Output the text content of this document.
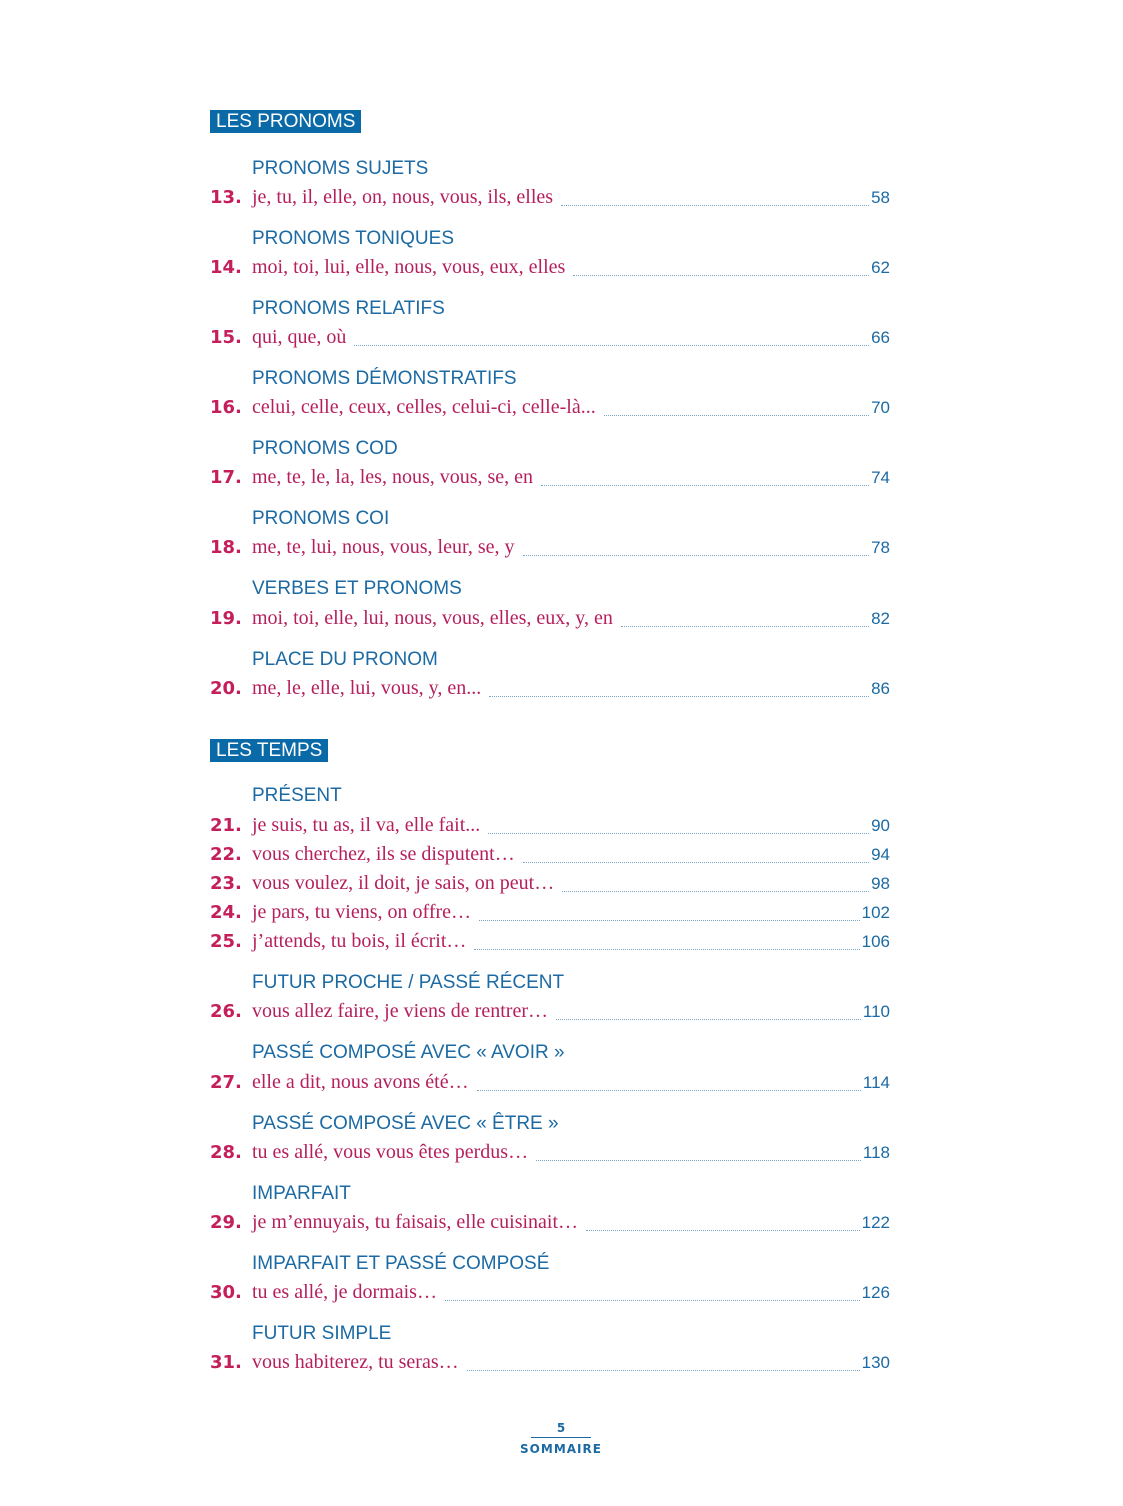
LES PRONOMS
PRONOMS SUJETS
13. je, tu, il, elle, on, nous, vous, ils, elles	58
PRONOMS TONIQUES
14. moi, toi, lui, elle, nous, vous, eux, elles	62
PRONOMS RELATIFS
15. qui, que, où	66
PRONOMS DÉMONSTRATIFS
16. celui, celle, ceux, celles, celui-ci, celle-là...	70
PRONOMS COD
17. me, te, le, la, les, nous, vous, se, en	74
PRONOMS COI
18. me, te, lui, nous, vous, leur, se, y	78
VERBES ET PRONOMS
19. moi, toi, elle, lui, nous, vous, elles, eux, y, en	82
PLACE DU PRONOM
20. me, le, elle, lui, vous, y, en...	86
LES TEMPS
PRÉSENT
21. je suis, tu as, il va, elle fait...	90
22. vous cherchez, ils se disputent…	94
23. vous voulez, il doit, je sais, on peut…	98
24. je pars, tu viens, on offre…	102
25. j’attends, tu bois, il écrit…	106
FUTUR PROCHE / PASSÉ RÉCENT
26. vous allez faire, je viens de rentrer…	110
PASSÉ COMPOSÉ AVEC « AVOIR »
27. elle a dit, nous avons été…	114
PASSÉ COMPOSÉ AVEC « ÊTRE »
28. tu es allé, vous vous êtes perdus…	118
IMPARFAIT
29. je m’ennuyais, tu faisais, elle cuisinait…	122
IMPARFAIT ET PASSÉ COMPOSÉ
30. tu es allé, je dormais…	126
FUTUR SIMPLE
31. vous habiterez, tu seras…	130
5
SOMMAIRE
